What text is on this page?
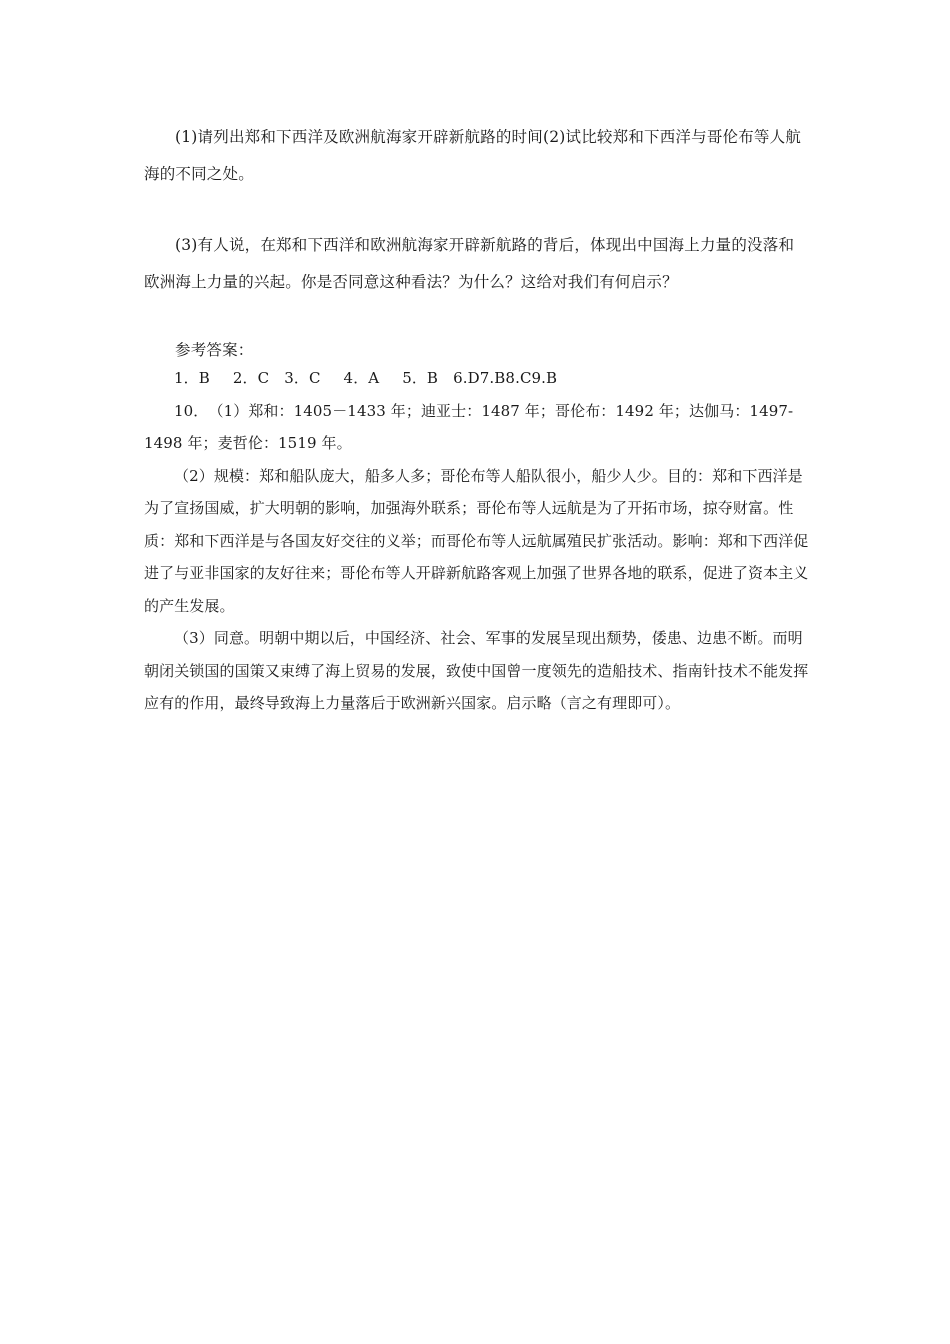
(1)请列出郑和下西洋及欧洲航海家开辟新航路的时间(2)试比较郑和下西洋与哥伦布等人航海的不同之处。

(3)有人说，在郑和下西洋和欧洲航海家开辟新航路的背后，体现出中国海上力量的没落和欧洲海上力量的兴起。你是否同意这种看法？为什么？这给对我们有何启示？

参考答案：

1．B　 2．C　3．C　 4．A　 5．B　6.D7.B8.C9.B

10．　（1）郑和：1405－1433 年；迪亚士：1487 年；哥伦布：1492 年；达伽马：1497-1498 年；麦哲伦：1519 年。

（2）规模：郑和船队庞大，船多人多；哥伦布等人船队很小，船少人少。目的：郑和下西洋是为了宣扬国威，扩大明朝的影响，加强海外联系；哥伦布等人远航是为了开拓市场，掠夺财富。性质：郑和下西洋是与各国友好交往的义举；而哥伦布等人远航属殖民扩张活动。影响：郑和下西洋促进了与亚非国家的友好往来；哥伦布等人开辟新航路客观上加强了世界各地的联系，促进了资本主义的产生发展。

（3）同意。明朝中期以后，中国经济、社会、军事的发展呈现出颓势，倭患、边患不断。而明朝闭关锁国的国策又束缚了海上贸易的发展，致使中国曾一度领先的造船技术、指南针技术不能发挥应有的作用，最终导致海上力量落后于欧洲新兴国家。启示略（言之有理即可）。
